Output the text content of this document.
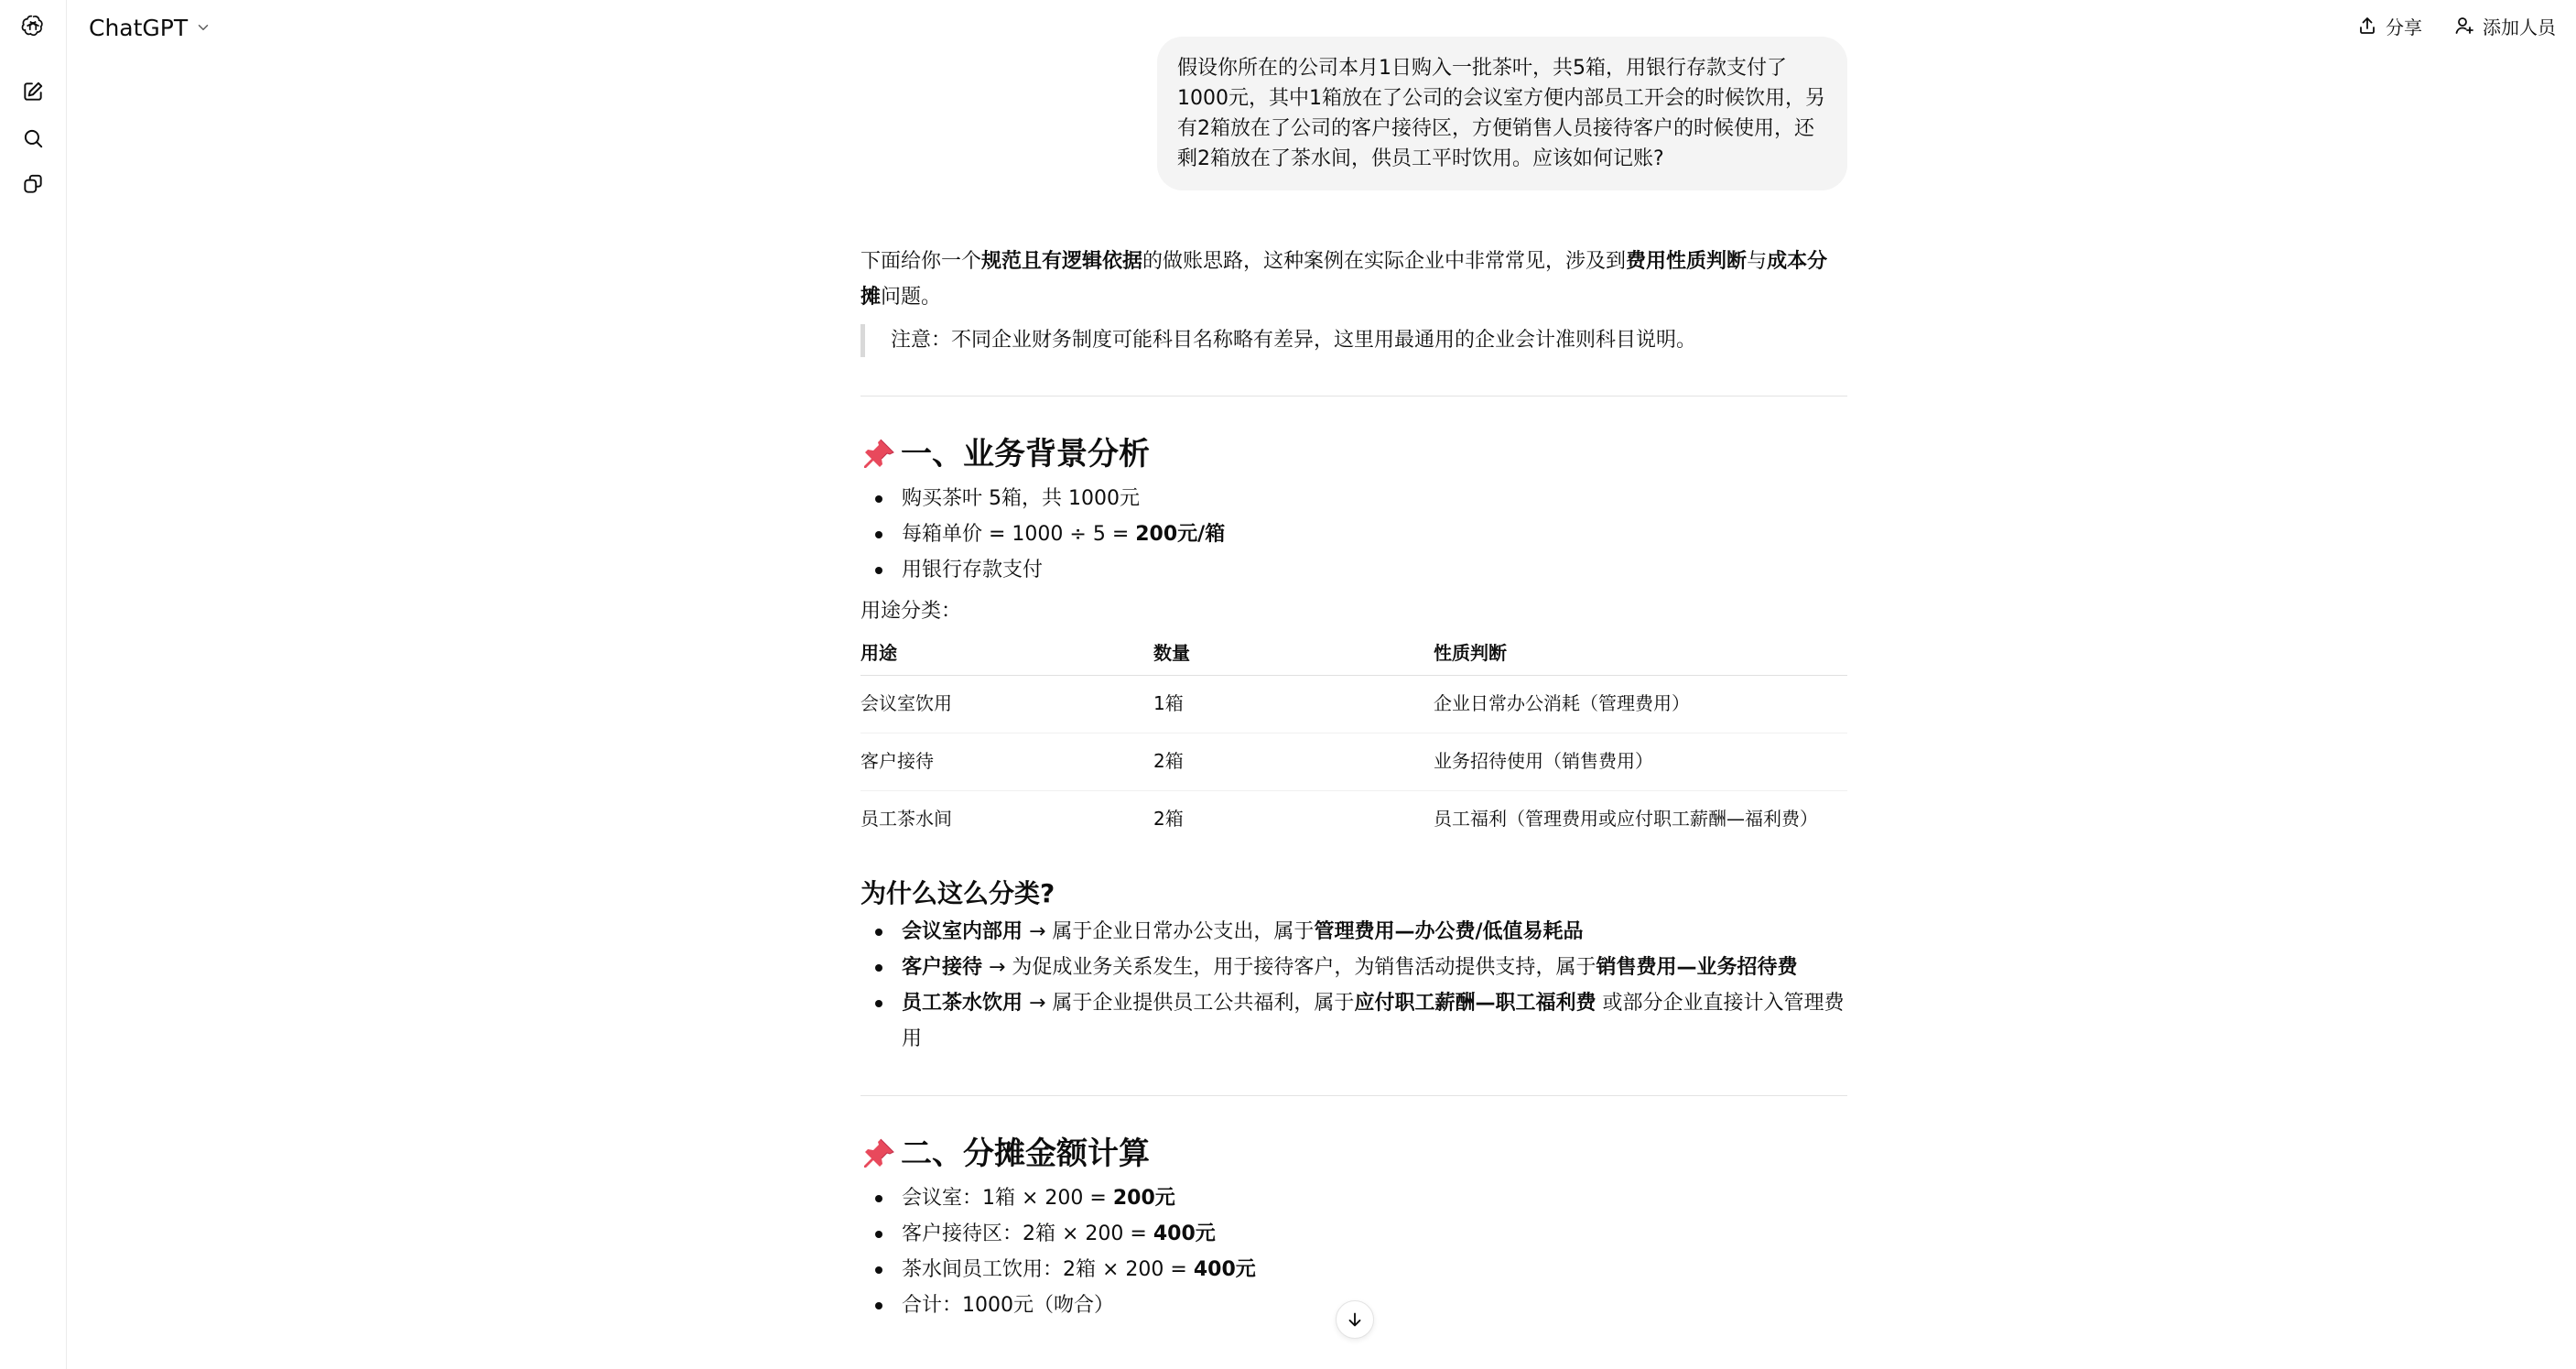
ChatGPT	分享	添加人员
假设你所在的公司本月1日购入一批茶叶，共5箱，用银行存款支付了1000元，其中1箱放在了公司的会议室方便内部员工开会的时候饮用，另有2箱放在了公司的客户接待区，方便销售人员接待客户的时候使用，还剩2箱放在了茶水间，供员工平时饮用。应该如何记账?

下面给你一个规范且有逻辑依据的做账思路，这种案例在实际企业中非常常见，涉及到费用性质判断与成本分摊问题。

注意：不同企业财务制度可能科目名称略有差异，这里用最通用的企业会计准则科目说明。
一、业务背景分析
购买茶叶 5箱，共 1000元
每箱单价 = 1000 ÷ 5 = 200元/箱
用银行存款支付

用途分类：

用途	数量	性质判断
会议室饮用	1箱	企业日常办公消耗（管理费用）
客户接待	2箱	业务招待使用（销售费用）
员工茶水间	2箱	员工福利（管理费用或应付职工薪酬—福利费）
为什么这么分类?
会议室内部用 → 属于企业日常办公支出，属于管理费用—办公费/低值易耗品
客户接待 → 为促成业务关系发生，用于接待客户，为销售活动提供支持，属于销售费用—业务招待费
员工茶水饮用 → 属于企业提供员工公共福利，属于应付职工薪酬—职工福利费 或部分企业直接计入管理费用
二、分摊金额计算
会议室：1箱 × 200 = 200元
客户接待区：2箱 × 200 = 400元
茶水间员工饮用：2箱 × 200 = 400元
合计：1000元（吻合）
